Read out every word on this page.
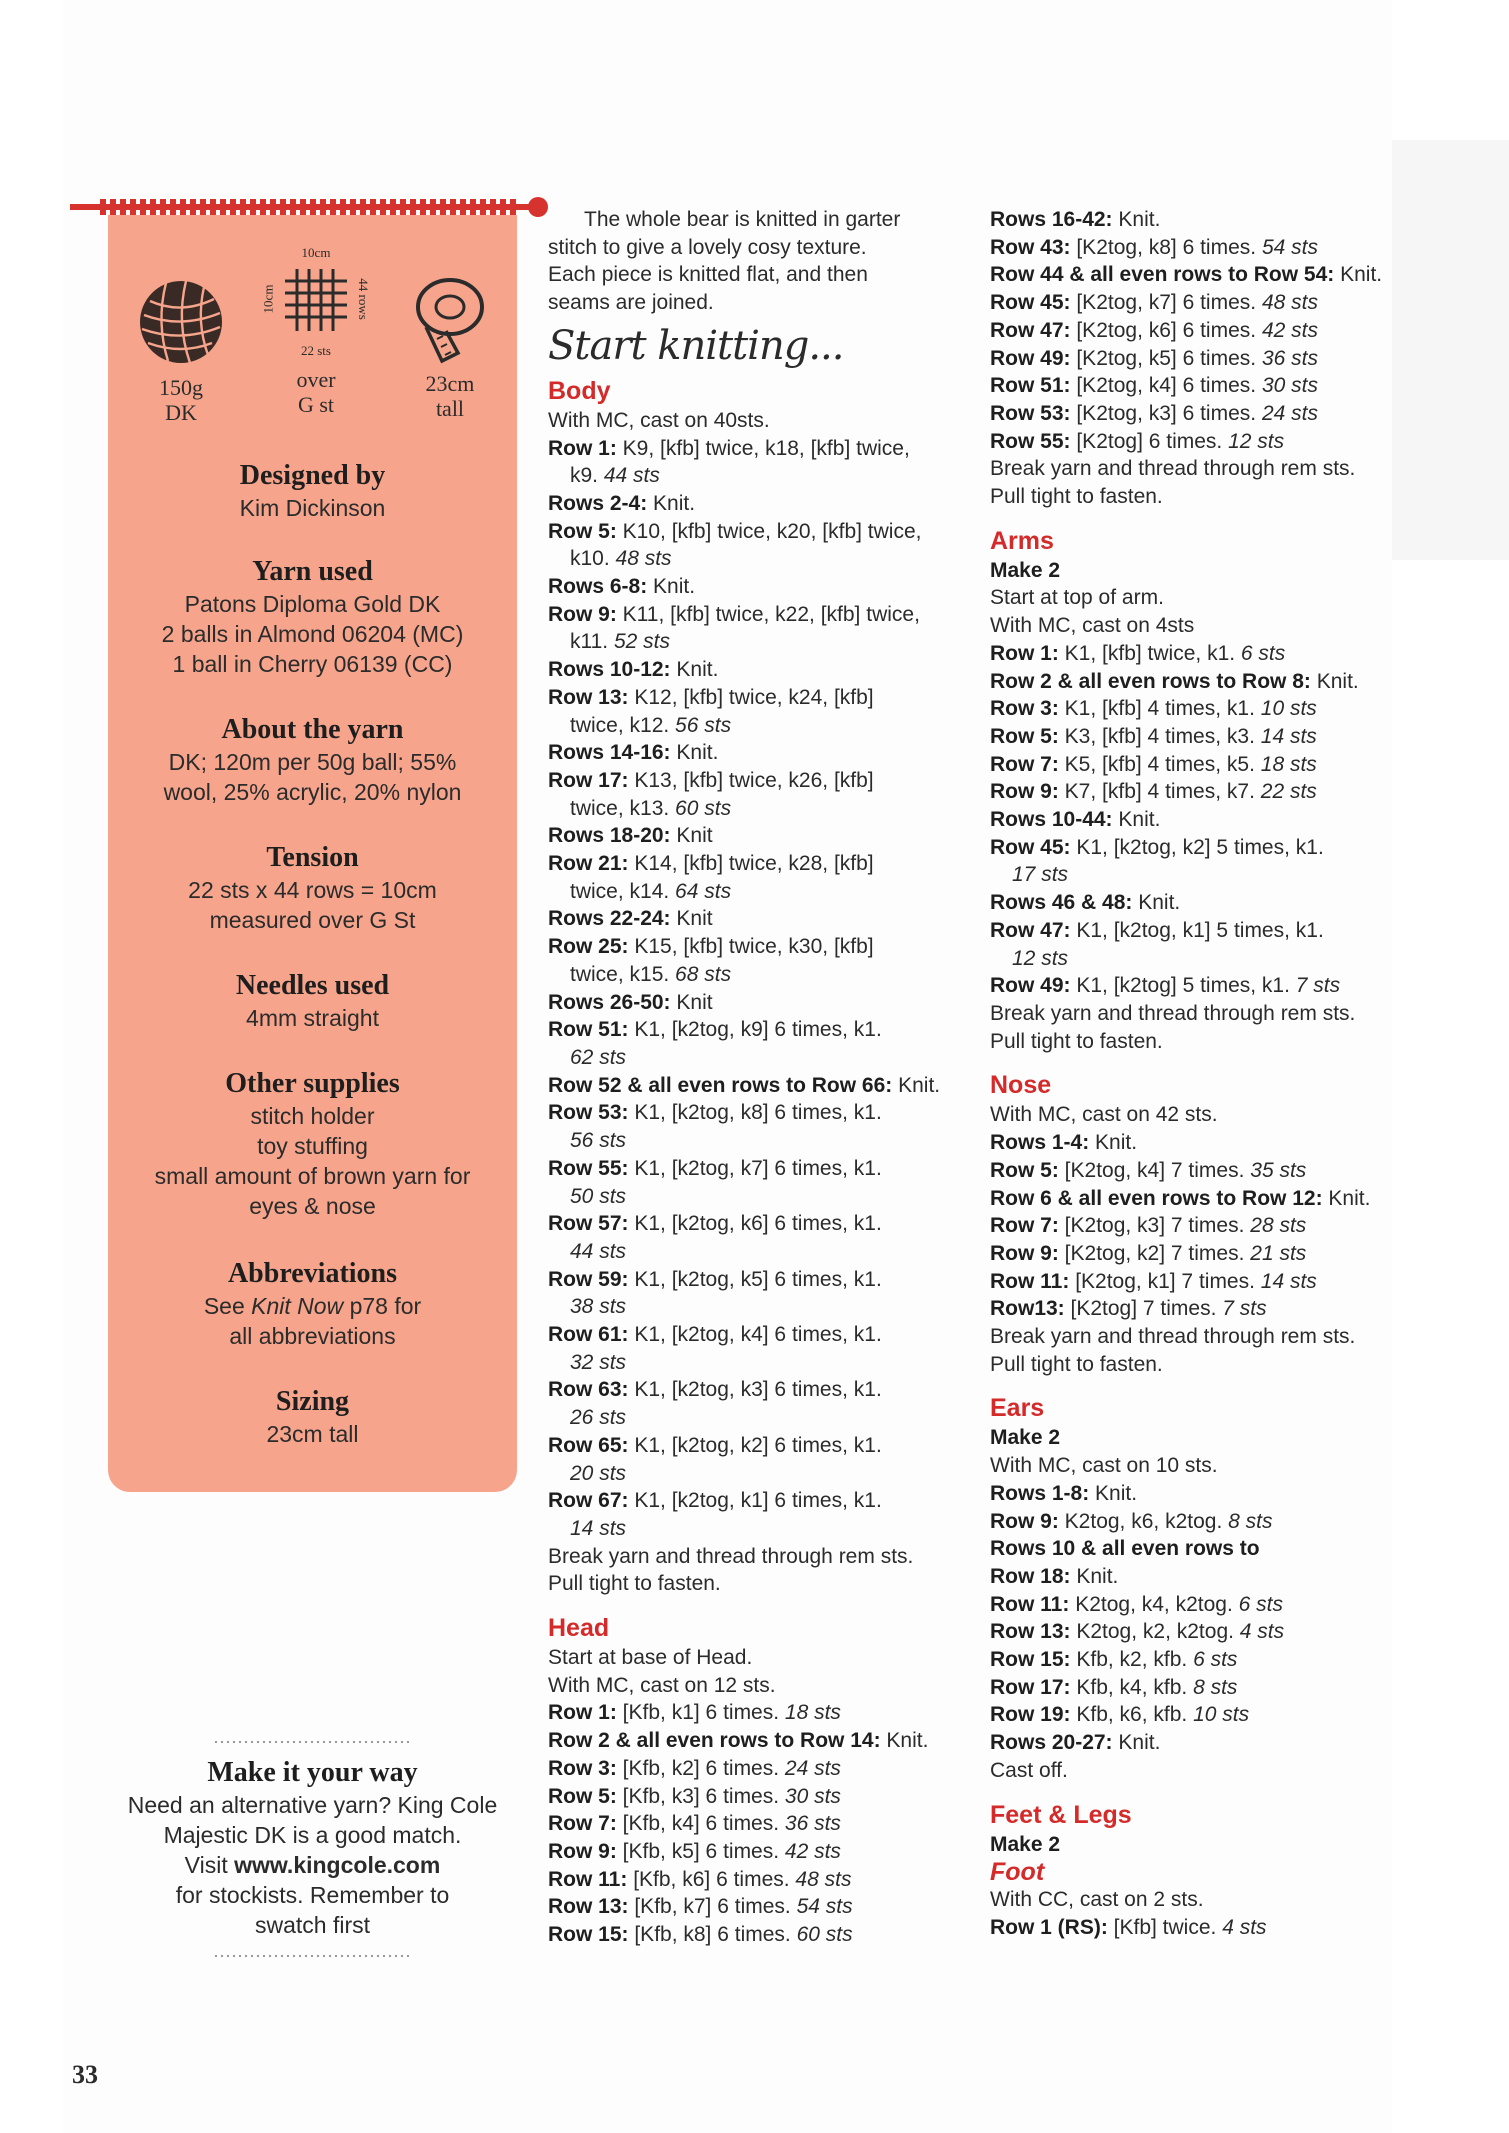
150g
DK
10cm
10cm	44 rows
22 sts
over
G st
23cm
tall
Designed by
Kim Dickinson
Yarn used
Patons Diploma Gold DK
2 balls in Almond 06204 (MC)
1 ball in Cherry 06139 (CC)
About the yarn
DK; 120m per 50g ball; 55%
wool, 25% acrylic, 20% nylon
Tension
22 sts x 44 rows = 10cm
measured over G St
Needles used
4mm straight
Other supplies
stitch holder
toy stuffing
small amount of brown yarn for
eyes & nose
Abbreviations
See Knit Now p78 for
all abbreviations
Sizing
23cm tall
Make it your way
Need an alternative yarn? King Cole
Majestic DK is a good match.
Visit www.kingcole.com
for stockists. Remember to
swatch first
33
The whole bear is knitted in garter
stitch to give a lovely cosy texture.
Each piece is knitted flat, and then
seams are joined.
Start knitting...
Body
With MC, cast on 40sts.
Row 1: K9, [kfb] twice, k18, [kfb] twice,
k9. 44 sts
Rows 2-4: Knit.
Row 5: K10, [kfb] twice, k20, [kfb] twice,
k10. 48 sts
Rows 6-8: Knit.
Row 9: K11, [kfb] twice, k22, [kfb] twice,
k11. 52 sts
Rows 10-12: Knit.
Row 13: K12, [kfb] twice, k24, [kfb]
twice, k12. 56 sts
Rows 14-16: Knit.
Row 17: K13, [kfb] twice, k26, [kfb]
twice, k13. 60 sts
Rows 18-20: Knit
Row 21: K14, [kfb] twice, k28, [kfb]
twice, k14. 64 sts
Rows 22-24: Knit
Row 25: K15, [kfb] twice, k30, [kfb]
twice, k15. 68 sts
Rows 26-50: Knit
Row 51: K1, [k2tog, k9] 6 times, k1.
62 sts
Row 52 & all even rows to Row 66: Knit.
Row 53: K1, [k2tog, k8] 6 times, k1.
56 sts
Row 55: K1, [k2tog, k7] 6 times, k1.
50 sts
Row 57: K1, [k2tog, k6] 6 times, k1.
44 sts
Row 59: K1, [k2tog, k5] 6 times, k1.
38 sts
Row 61: K1, [k2tog, k4] 6 times, k1.
32 sts
Row 63: K1, [k2tog, k3] 6 times, k1.
26 sts
Row 65: K1, [k2tog, k2] 6 times, k1.
20 sts
Row 67: K1, [k2tog, k1] 6 times, k1.
14 sts
Break yarn and thread through rem sts.
Pull tight to fasten.
Head
Start at base of Head.
With MC, cast on 12 sts.
Row 1: [Kfb, k1] 6 times. 18 sts
Row 2 & all even rows to Row 14: Knit.
Row 3: [Kfb, k2] 6 times. 24 sts
Row 5: [Kfb, k3] 6 times. 30 sts
Row 7: [Kfb, k4] 6 times. 36 sts
Row 9: [Kfb, k5] 6 times. 42 sts
Row 11: [Kfb, k6] 6 times. 48 sts
Row 13: [Kfb, k7] 6 times. 54 sts
Row 15: [Kfb, k8] 6 times. 60 sts
Rows 16-42: Knit.
Row 43: [K2tog, k8] 6 times. 54 sts
Row 44 & all even rows to Row 54: Knit.
Row 45: [K2tog, k7] 6 times. 48 sts
Row 47: [K2tog, k6] 6 times. 42 sts
Row 49: [K2tog, k5] 6 times. 36 sts
Row 51: [K2tog, k4] 6 times. 30 sts
Row 53: [K2tog, k3] 6 times. 24 sts
Row 55: [K2tog] 6 times. 12 sts
Break yarn and thread through rem sts.
Pull tight to fasten.
Arms
Make 2
Start at top of arm.
With MC, cast on 4sts
Row 1: K1, [kfb] twice, k1. 6 sts
Row 2 & all even rows to Row 8: Knit.
Row 3: K1, [kfb] 4 times, k1. 10 sts
Row 5: K3, [kfb] 4 times, k3. 14 sts
Row 7: K5, [kfb] 4 times, k5. 18 sts
Row 9: K7, [kfb] 4 times, k7. 22 sts
Rows 10-44: Knit.
Row 45: K1, [k2tog, k2] 5 times, k1.
17 sts
Rows 46 & 48: Knit.
Row 47: K1, [k2tog, k1] 5 times, k1.
12 sts
Row 49: K1, [k2tog] 5 times, k1. 7 sts
Break yarn and thread through rem sts.
Pull tight to fasten.
Nose
With MC, cast on 42 sts.
Rows 1-4: Knit.
Row 5: [K2tog, k4] 7 times. 35 sts
Row 6 & all even rows to Row 12: Knit.
Row 7: [K2tog, k3] 7 times. 28 sts
Row 9: [K2tog, k2] 7 times. 21 sts
Row 11: [K2tog, k1] 7 times. 14 sts
Row13: [K2tog] 7 times. 7 sts
Break yarn and thread through rem sts.
Pull tight to fasten.
Ears
Make 2
With MC, cast on 10 sts.
Rows 1-8: Knit.
Row 9: K2tog, k6, k2tog. 8 sts
Rows 10 & all even rows to
Row 18: Knit.
Row 11: K2tog, k4, k2tog. 6 sts
Row 13: K2tog, k2, k2tog. 4 sts
Row 15: Kfb, k2, kfb. 6 sts
Row 17: Kfb, k4, kfb. 8 sts
Row 19: Kfb, k6, kfb. 10 sts
Rows 20-27: Knit.
Cast off.
Feet & Legs
Make 2
Foot
With CC, cast on 2 sts.
Row 1 (RS): [Kfb] twice. 4 sts
